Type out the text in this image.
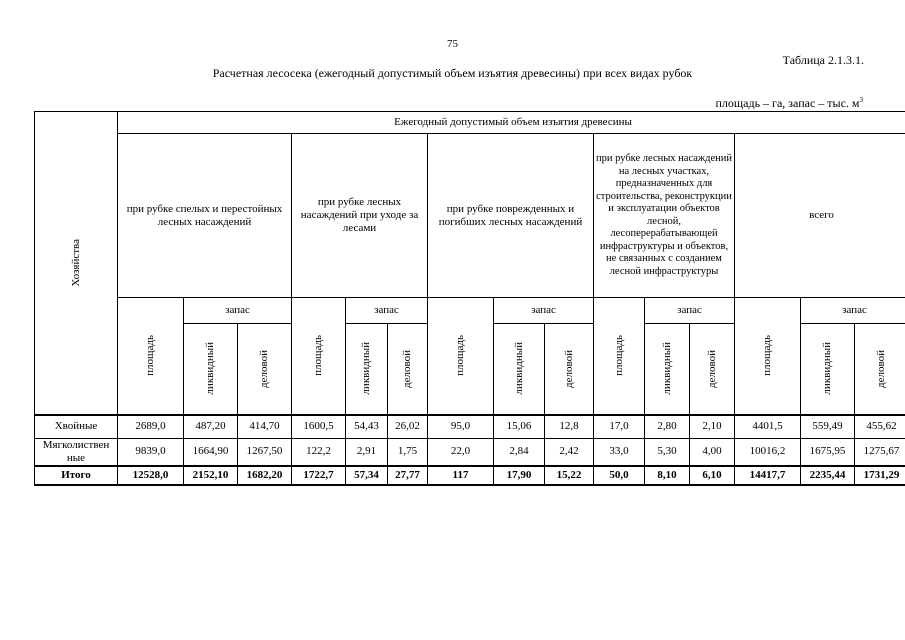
75
Таблица 2.1.3.1.
Расчетная лесосека (ежегодный допустимый объем изъятия древесины) при всех видах рубок
площадь – га, запас – тыс. $м^3$
Хозяйства	Ежегодный допустимый объем изъятия древесины														
	при рубке спелых и перестойных лесных насаждений			при рубке лесных насаждений при уходе за лесами			при рубке поврежденных и погибших лесных насаждений			при рубке лесных насаждений на лесных участках, предназначенных для строительства, реконструкции и эксплуатации объектов лесной, лесоперерабатывающей инфраструктуры и объектов, не связанных с созданием лесной инфраструктуры			всего		

	площадь	запас		площадь	запас		площадь	запас		площадь	запас		площадь	запас	

		ликвидный	деловой		ликвидный	деловой		ликвидный	деловой		ликвидный	деловой		ликвидный	деловой

Хвойные	2689,0	487,20	414,70	1600,5	54,43	26,02	95,0	15,06	12,8	17,0	2,80	2,10	4401,5	559,49	455,62
Мягколиственные	9839,0	1664,90	1267,50	122,2	2,91	1,75	22,0	2,84	2,42	33,0	5,30	4,00	10016,2	1675,95	1275,67
Итого	12528,0	2152,10	1682,20	1722,7	57,34	27,77	117	17,90	15,22	50,0	8,10	6,10	14417,7	2235,44	1731,29
